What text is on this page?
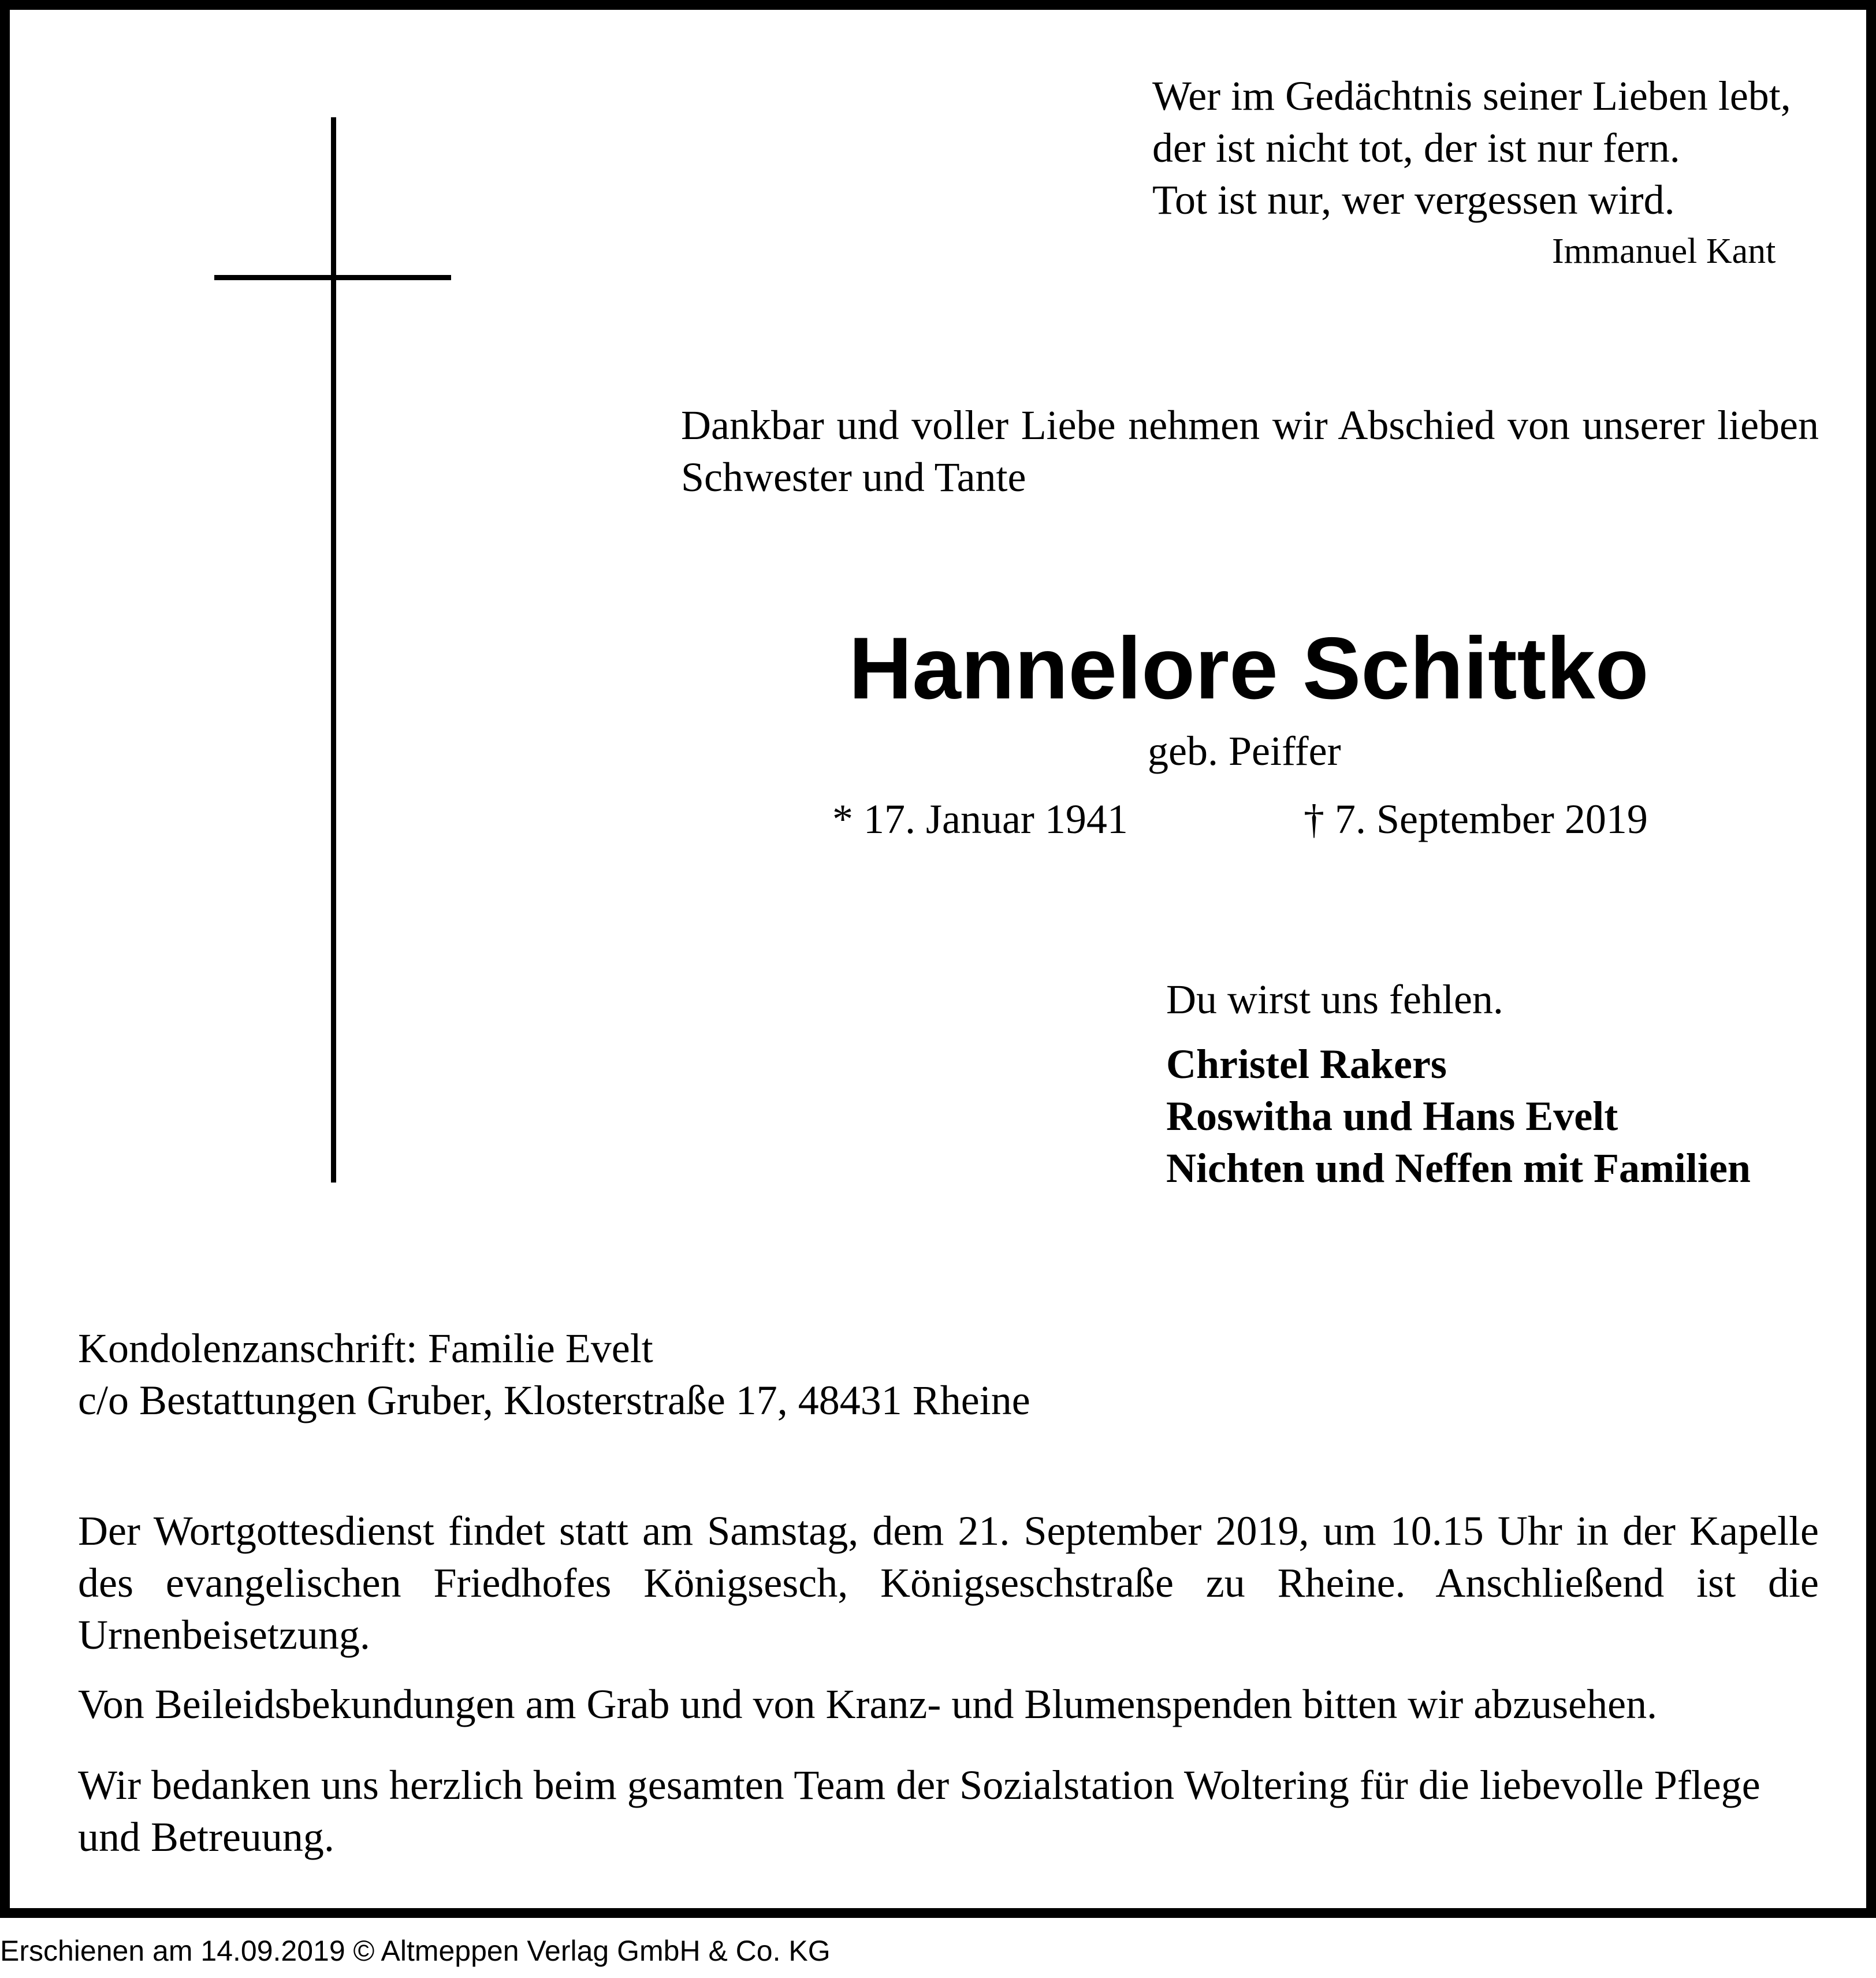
Wer im Gedächtnis seiner Lieben lebt,
der ist nicht tot, der ist nur fern.
Tot ist nur, wer vergessen wird.
Immanuel Kant
Dankbar und voller Liebe nehmen wir Abschied von unserer lieben Schwester und Tante
Hannelore Schittko
geb. Peiffer
* 17. Januar 1941	† 7. September 2019
Du wirst uns fehlen.
Christel Rakers
Roswitha und Hans Evelt
Nichten und Neffen mit Familien
Kondolenzanschrift: Familie Evelt
c/o Bestattungen Gruber, Klosterstraße 17, 48431 Rheine
Der Wortgottesdienst findet statt am Samstag, dem 21. September 2019, um 10.15 Uhr in der Kapelle des evangelischen Friedhofes Königsesch, Königseschstraße zu Rheine. Anschließend ist die Urnenbeisetzung.
Von Beileidsbekundungen am Grab und von Kranz- und Blumenspenden bitten wir abzusehen.
Wir bedanken uns herzlich beim gesamten Team der Sozialstation Woltering für die liebevolle Pflege und Betreuung.
Erschienen am 14.09.2019 © Altmeppen Verlag GmbH & Co. KG
